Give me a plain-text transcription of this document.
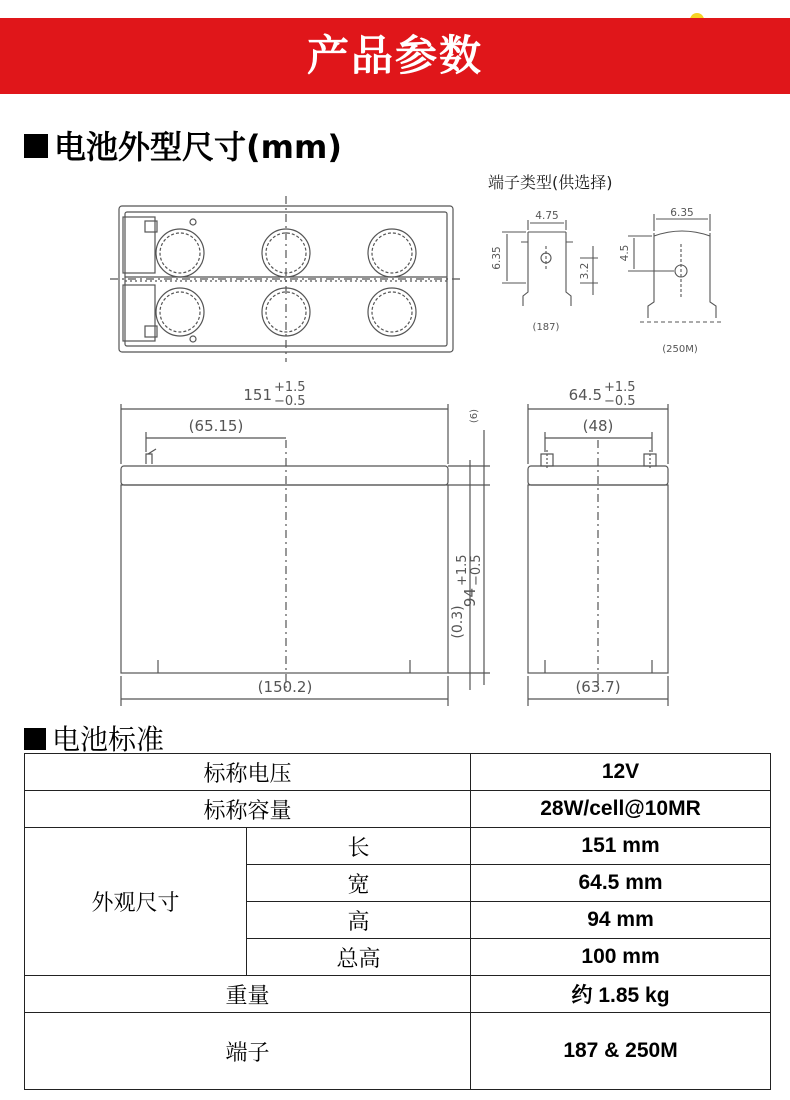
产品参数
电池外型尺寸(mm)
端子类型(供选择)
4.75
6.35
3.2
(187)
6.35
4.5
(250M)
151 +1.5
−0.5
(65.15)
(6)
94
+1.5 −0.5
(0.3)
(150.2)
64.5 +1.5
−0.5
(48)
(63.7)
电池标准
标称电压		12V
标称容量		28W/cell@10MR
外观尺寸	长	151 mm
	宽	64.5 mm
	高	94 mm
	总高	100 mm
重量		约 1.85 kg
端子		187 & 250M
